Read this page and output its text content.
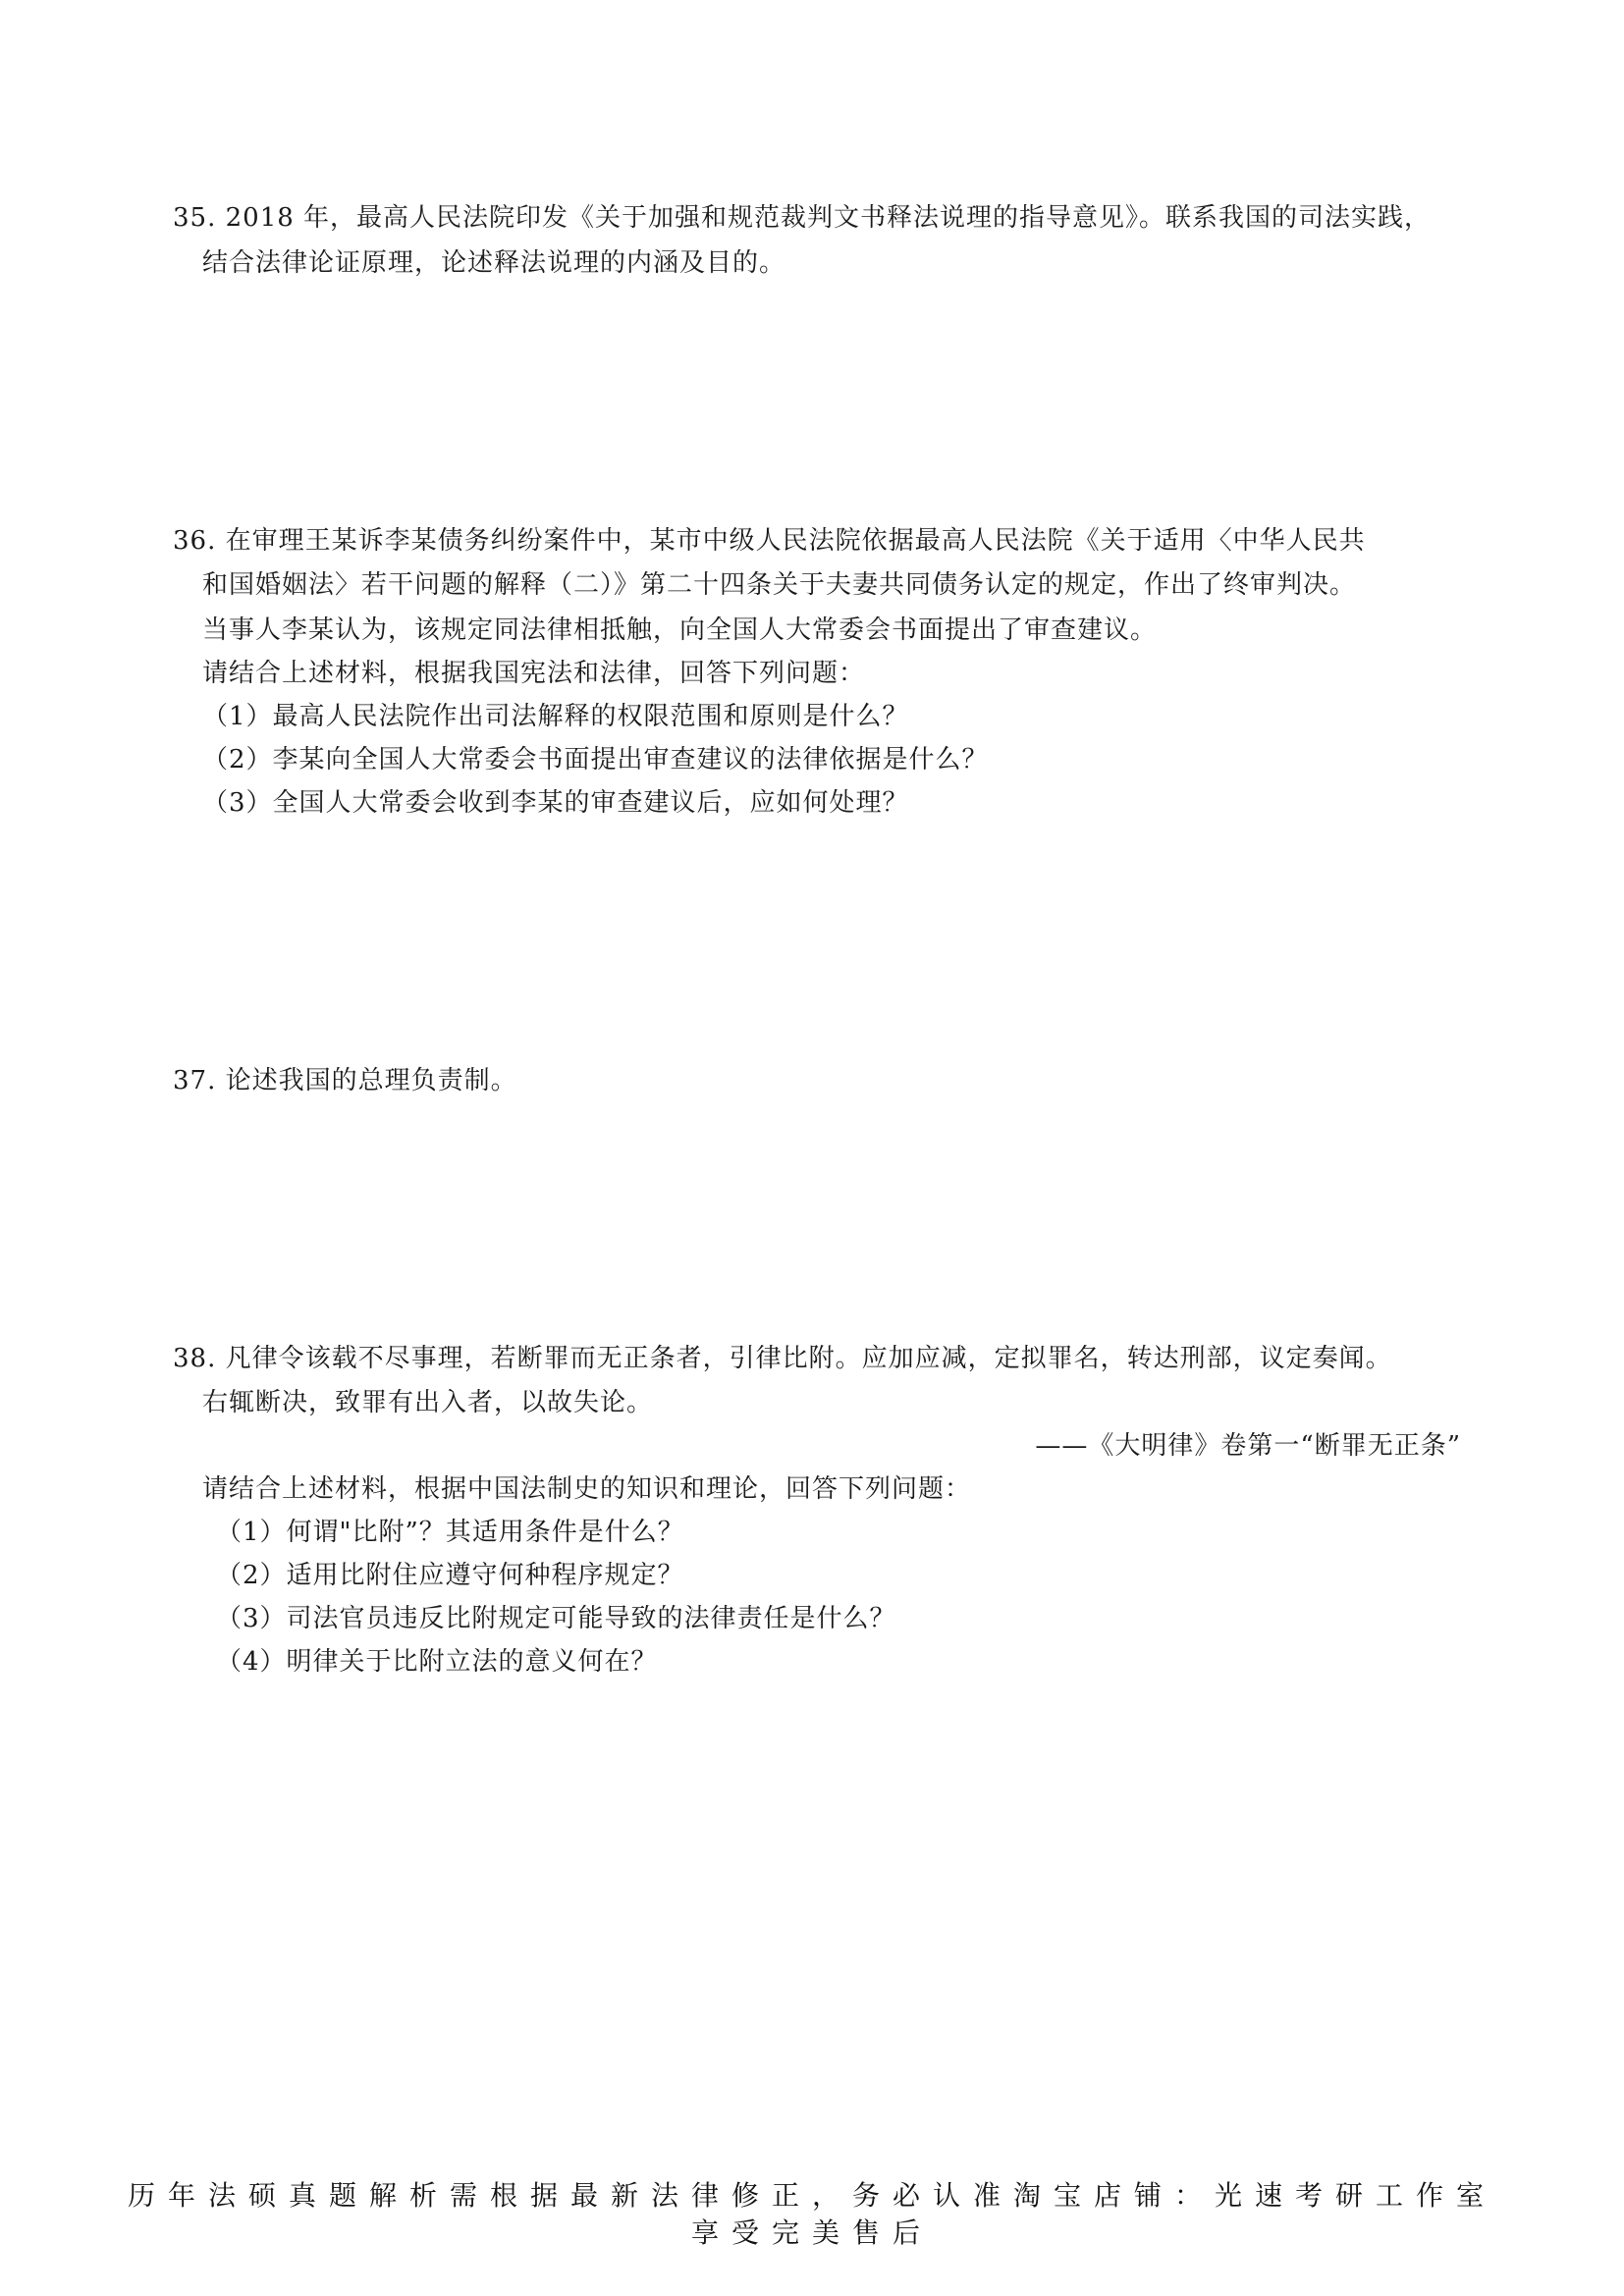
35. 2018 年，最高人民法院印发《关于加强和规范裁判文书释法说理的指导意见》。联系我国的司法实践，
结合法律论证原理，论述释法说理的内涵及目的。
36. 在审理王某诉李某债务纠纷案件中，某市中级人民法院依据最高人民法院《关于适用〈中华人民共
和国婚姻法〉若干问题的解释（二）》第二十四条关于夫妻共同债务认定的规定，作出了终审判决。
当事人李某认为，该规定同法律相抵触，向全国人大常委会书面提出了审查建议。
请结合上述材料，根据我国宪法和法律，回答下列问题：
（1）最高人民法院作出司法解释的权限范围和原则是什么？
（2）李某向全国人大常委会书面提出审查建议的法律依据是什么？
（3）全国人大常委会收到李某的审查建议后，应如何处理？
37. 论述我国的总理负责制。
38. 凡律令该载不尽事理，若断罪而无正条者，引律比附。应加应减，定拟罪名，转达刑部，议定奏闻。
右辄断决，致罪有出入者，以故失论。
——《大明律》卷第一“断罪无正条”
请结合上述材料，根据中国法制史的知识和理论，回答下列问题：
（1）何谓"比附”？其适用条件是什么？
（2）适用比附住应遵守何种程序规定？
（3）司法官员违反比附规定可能导致的法律责任是什么？
（4）明律关于比附立法的意义何在？
历年法硕真题解析需根据最新法律修正，务必认准淘宝店铺：光速考研工作室
享受完美售后
